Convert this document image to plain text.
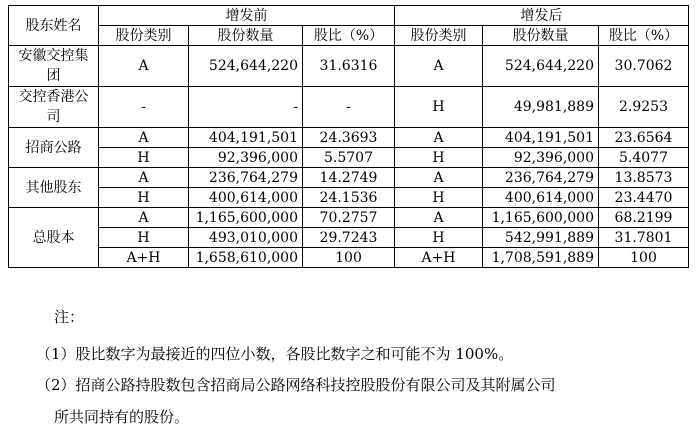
股东姓名	增发前			增发后		
	股份类别	股份数量	股比（%）	股份类别	股份数量	股比（%）
安徽交控集团	A	524,644,220	31.6316	A	524,644,220	30.7062
交控香港公司	-	-	-	H	49,981,889	2.9253
招商公路	A	404,191,501	24.3693	A	404,191,501	23.6564
	H	92,396,000	5.5707	H	92,396,000	5.4077
其他股东	A	236,764,279	14.2749	A	236,764,279	13.8573
	H	400,614,000	24.1536	H	400,614,000	23.4470
总股本	A	1,165,600,000	70.2757	A	1,165,600,000	68.2199
	H	493,010,000	29.7243	H	542,991,889	31.7801
	A+H	1,658,610,000	100	A+H	1,708,591,889	100
注：
（1）股比数字为最接近的四位小数，各股比数字之和可能不为 100%。
（2）招商公路持股数包含招商局公路网络科技控股股份有限公司及其附属公司
所共同持有的股份。
